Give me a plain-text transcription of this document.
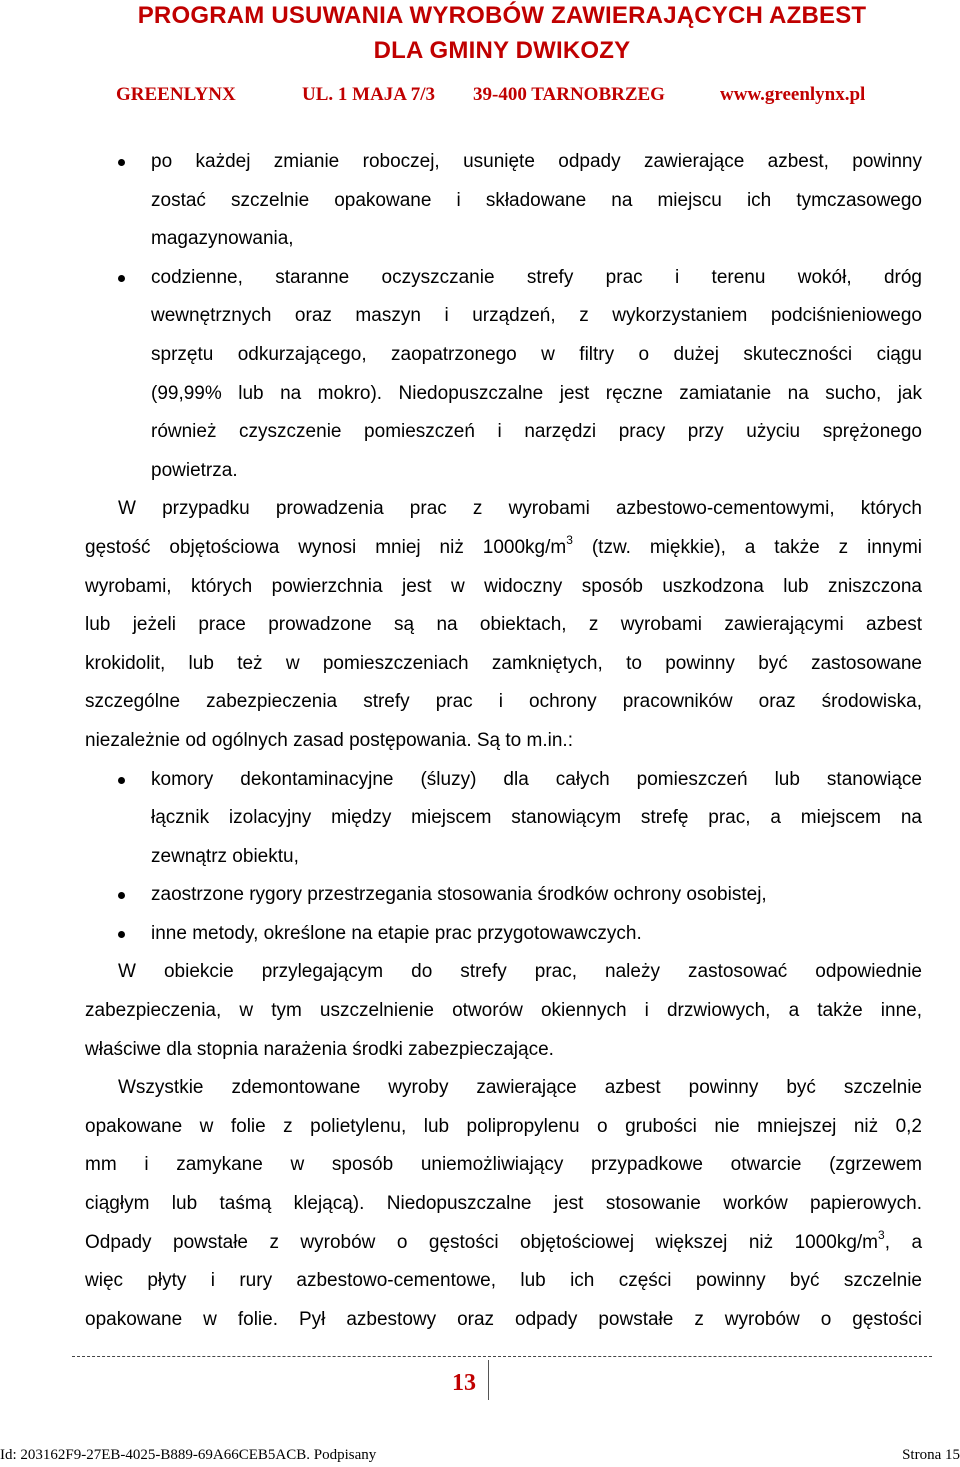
PROGRAM USUWANIA WYROBÓW ZAWIERAJĄCYCH AZBEST
DLA GMINY DWIKOZY
GREENLYNX	UL. 1 MAJA 7/3 39-400 TARNOBRZEG	www.greenlynx.pl
po każdej zmianie roboczej, usunięte odpady zawierające azbest, powinny
zostać szczelnie opakowane i składowane na miejscu ich tymczasowego
magazynowania,
codzienne, staranne oczyszczanie strefy prac i terenu wokół, dróg
wewnętrznych oraz maszyn i urządzeń, z wykorzystaniem podciśnieniowego
sprzętu odkurzającego, zaopatrzonego w filtry o dużej skuteczności ciągu
(99,99% lub na mokro). Niedopuszczalne jest ręczne zamiatanie na sucho, jak
również czyszczenie pomieszczeń i narzędzi pracy przy użyciu sprężonego
powietrza.
W przypadku prowadzenia prac z wyrobami azbestowo-cementowymi, których
gęstość objętościowa wynosi mniej niż $1000kg/m^3$ (tzw. miękkie), a także z innymi
wyrobami, których powierzchnia jest w widoczny sposób uszkodzona lub zniszczona
lub jeżeli prace prowadzone są na obiektach, z wyrobami zawierającymi azbest
krokidolit, lub też w pomieszczeniach zamkniętych, to powinny być zastosowane
szczególne zabezpieczenia strefy prac i ochrony pracowników oraz środowiska,
niezależnie od ogólnych zasad postępowania. Są to m.in.:
komory dekontaminacyjne (śluzy) dla całych pomieszczeń lub stanowiące
łącznik izolacyjny między miejscem stanowiącym strefę prac, a miejscem na
zewnątrz obiektu,
zaostrzone rygory przestrzegania stosowania środków ochrony osobistej,
inne metody, określone na etapie prac przygotowawczych.
W obiekcie przylegającym do strefy prac, należy zastosować odpowiednie
zabezpieczenia, w tym uszczelnienie otworów okiennych i drzwiowych, a także inne,
właściwe dla stopnia narażenia środki zabezpieczające.
Wszystkie zdemontowane wyroby zawierające azbest powinny być szczelnie
opakowane w folie z polietylenu, lub polipropylenu o grubości nie mniejszej niż 0,2
mm i zamykane w sposób uniemożliwiający przypadkowe otwarcie (zgrzewem
ciągłym lub taśmą klejącą). Niedopuszczalne jest stosowanie worków papierowych.
Odpady powstałe z wyrobów o gęstości objętościowej większej niż $1000kg/m^3$, a
więc płyty i rury azbestowo-cementowe, lub ich części powinny być szczelnie
opakowane w folie. Pył azbestowy oraz odpady powstałe z wyrobów o gęstości
13
Id: 203162F9-27EB-4025-B889-69A66CEB5ACB. Podpisany	Strona 15
